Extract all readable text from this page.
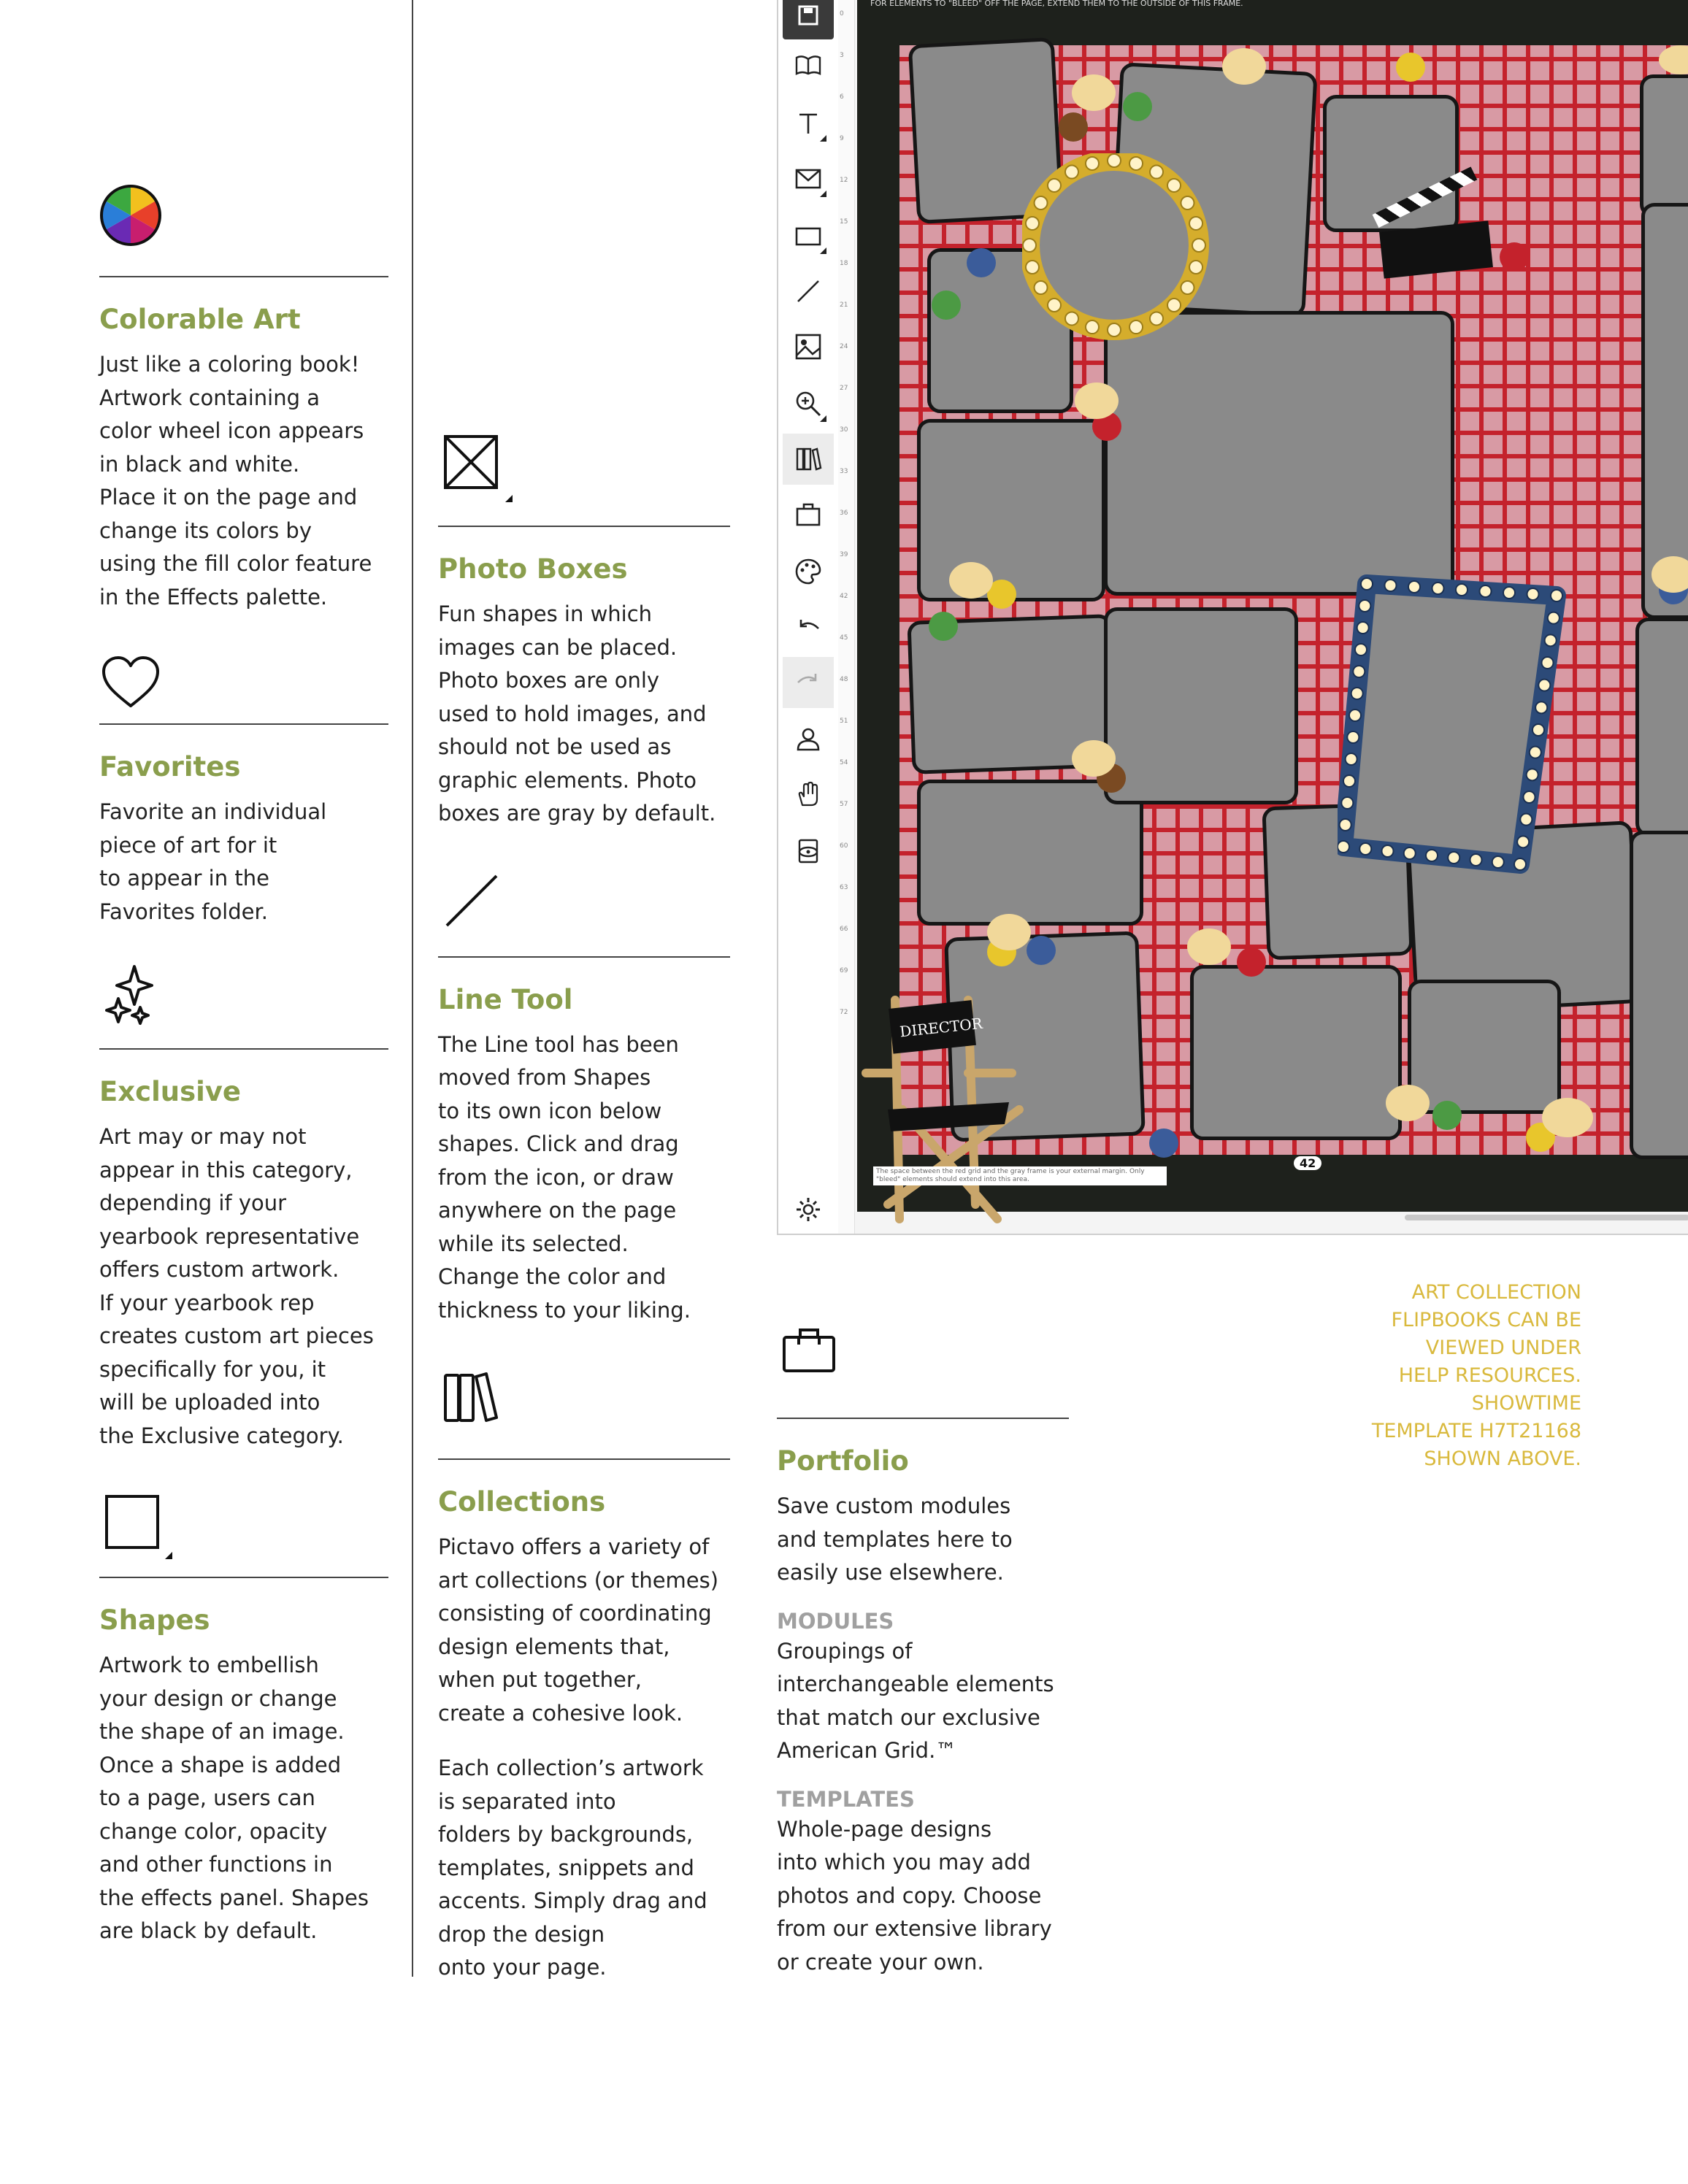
Colorable Art

Just like a coloring book!
Artwork containing a
color wheel icon appears
in black and white.
Place it on the page and
change its colors by
using the fill color feature
in the Effects palette.

Favorites

Favorite an individual
piece of art for it
to appear in the
Favorites folder.

Exclusive

Art may or may not
appear in this category,
depending if your
yearbook representative
offers custom artwork.
If your yearbook rep
creates custom art pieces
specifically for you, it
will be uploaded into
the Exclusive category.

Shapes

Artwork to embellish
your design or change
the shape of an image.
Once a shape is added
to a page, users can
change color, opacity
and other functions in
the effects panel. Shapes
are black by default.

Photo Boxes

Fun shapes in which
images can be placed.
Photo boxes are only
used to hold images, and
should not be used as
graphic elements. Photo
boxes are gray by default.

Line Tool

The Line tool has been
moved from Shapes
to its own icon below
shapes. Click and drag
from the icon, or draw
anywhere on the page
while its selected.
Change the color and
thickness to your liking.

Collections

Pictavo offers a variety of
art collections (or themes)
consisting of coordinating
design elements that,
when put together,
create a cohesive look.

Each collection’s artwork
is separated into
folders by backgrounds,
templates, snippets and
accents. Simply drag and
drop the design
onto your page.

Portfolio

Save custom modules
and templates here to
easily use elsewhere.

MODULES

Groupings of
interchangeable elements
that match our exclusive
American Grid.™

TEMPLATES

Whole-page designs
into which you may add
photos and copy. Choose
from our extensive library
or create your own.

ART COLLECTION
FLIPBOOKS CAN BE
VIEWED UNDER
HELP RESOURCES.
SHOWTIME
TEMPLATE H7T21168
SHOWN ABOVE.

0
3
6
9
12
15
18
21
24
27
30
33
36
39
42
45
48
51
54
57
60
63
66
69
72
FOR ELEMENTS TO "BLEED" OFF THE PAGE, EXTEND THEM TO THE OUTSIDE OF THIS FRAME.
DIRECTOR
The space between the red grid and the gray frame is your external margin. Only "bleed" elements should extend into this area.
42
